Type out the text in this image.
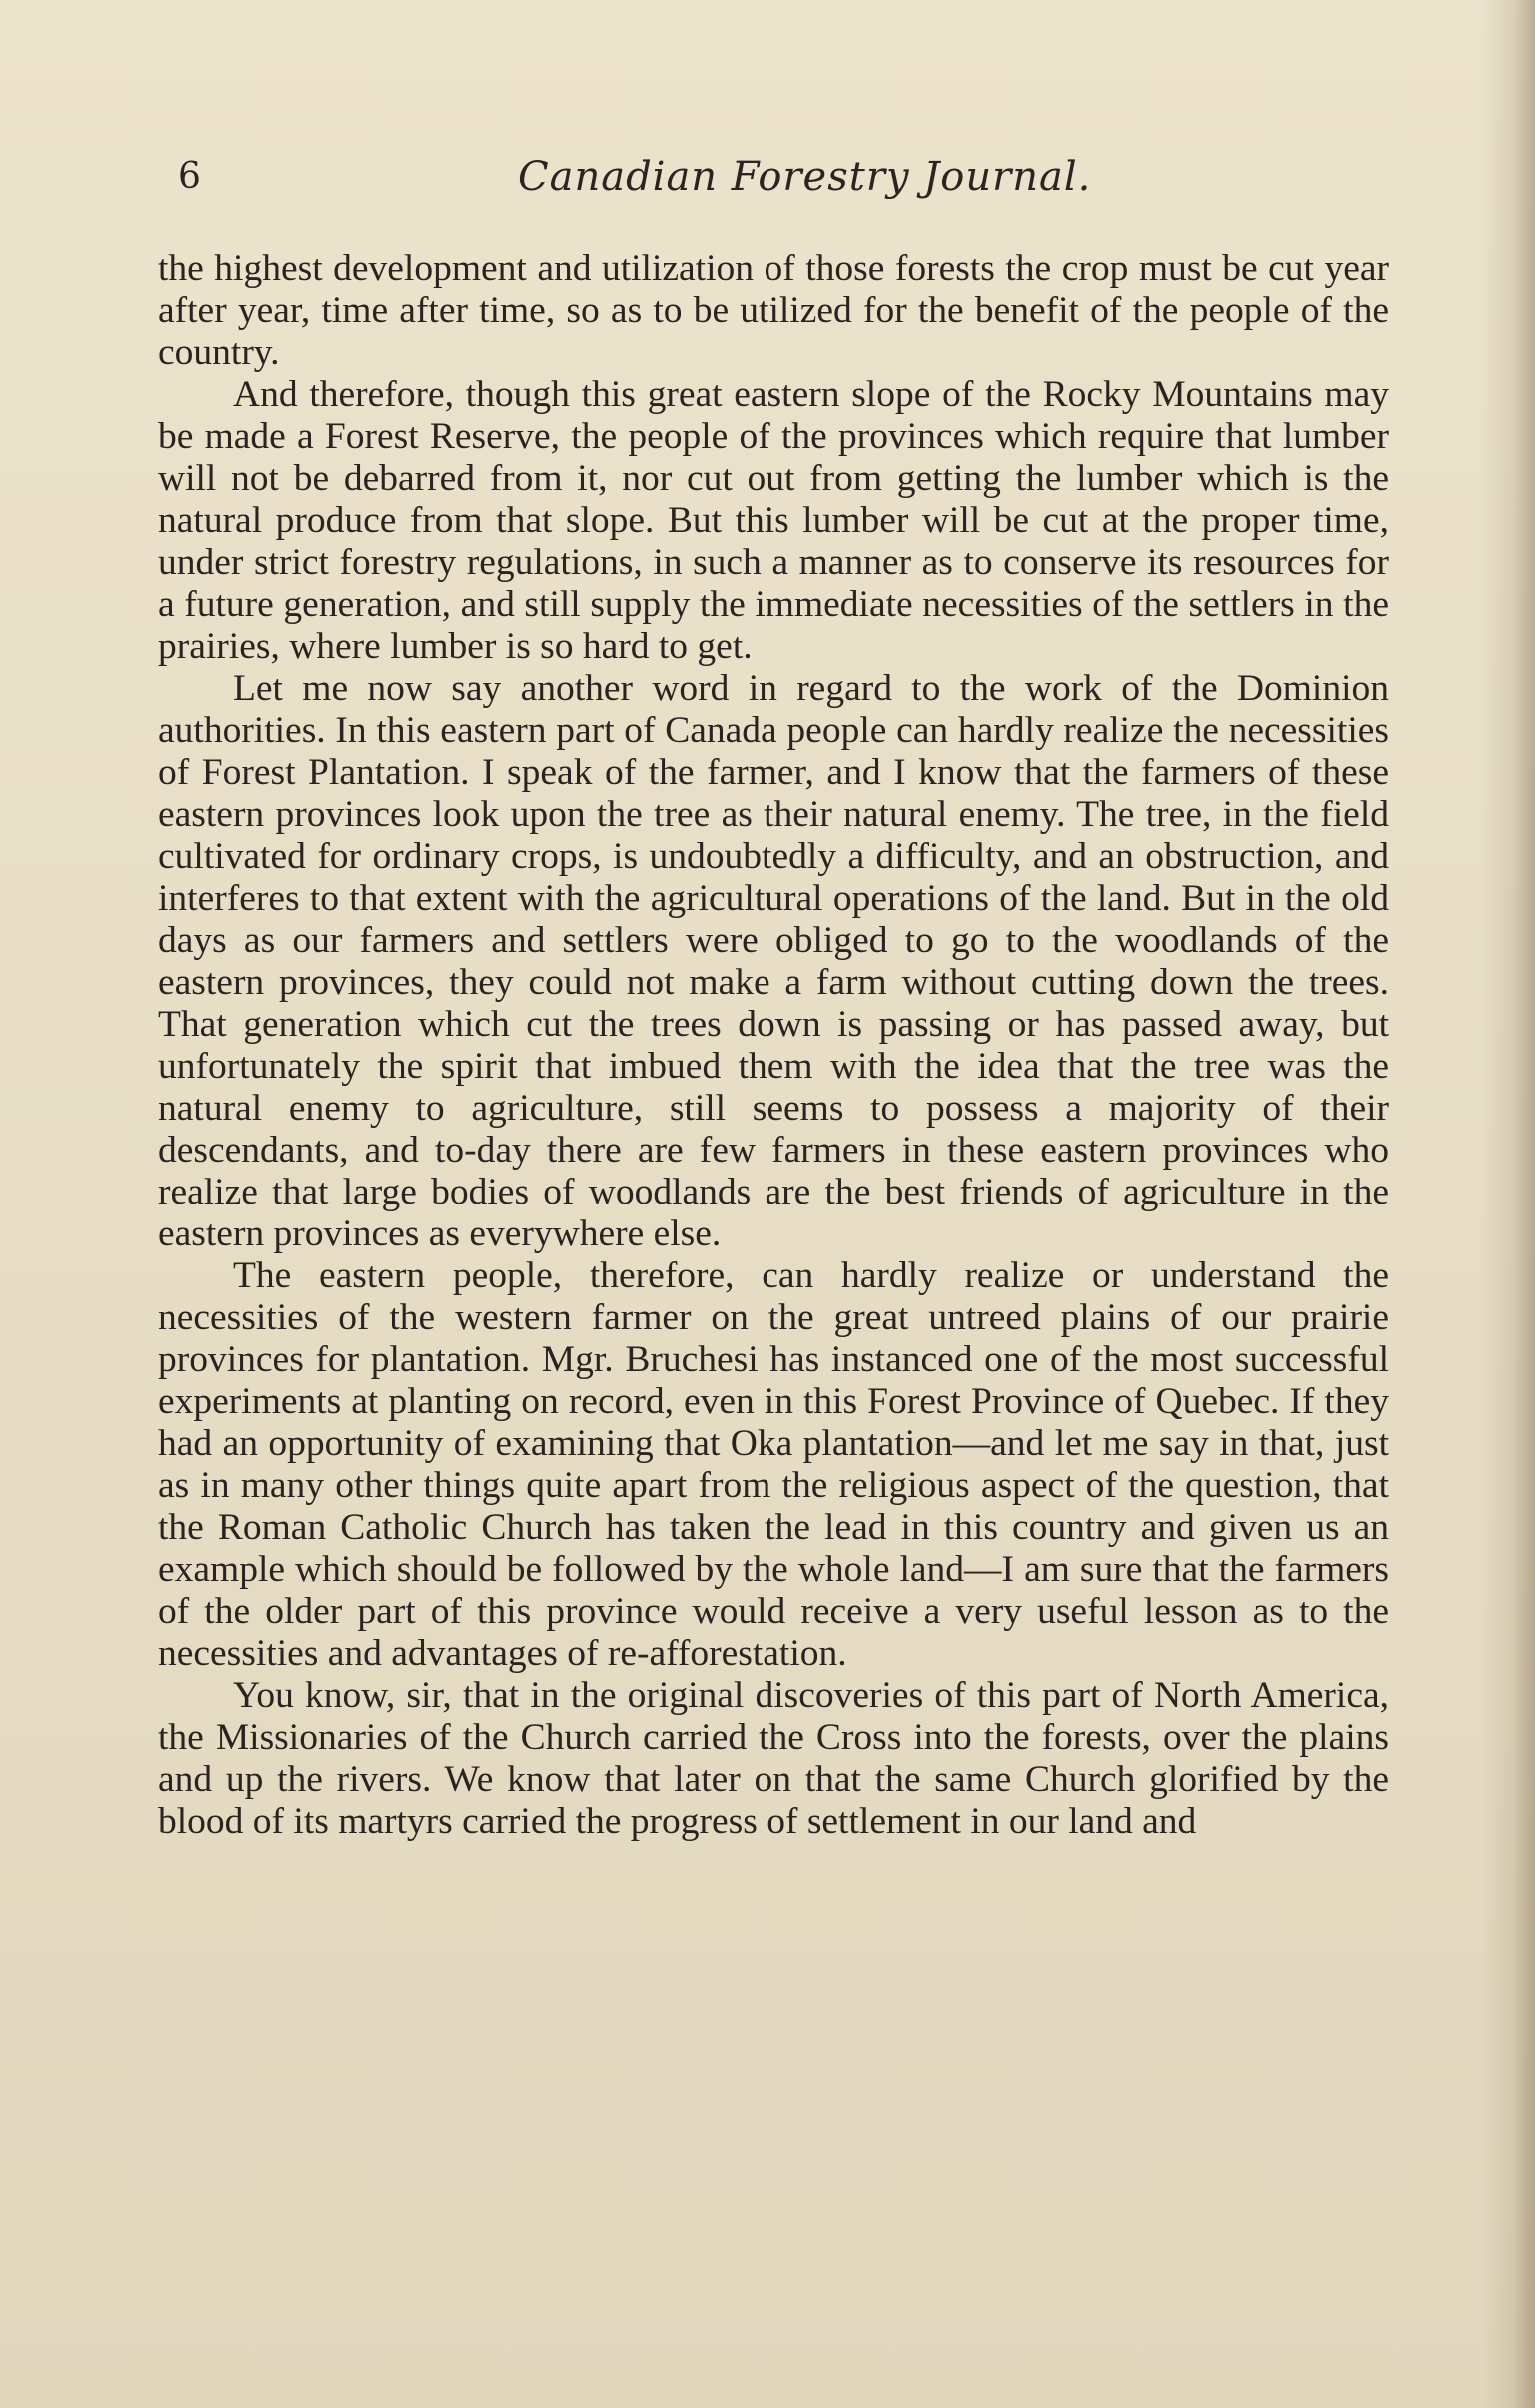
6	Canadian Forestry Journal.

the highest development and utilization of those forests the crop must be cut year after year, time after time, so as to be utilized for the benefit of the people of the country.

And therefore, though this great eastern slope of the Rocky Mountains may be made a Forest Reserve, the people of the provinces which require that lumber will not be debarred from it, nor cut out from getting the lumber which is the natural produce from that slope. But this lumber will be cut at the proper time, under strict forestry regulations, in such a manner as to conserve its resources for a future generation, and still supply the immediate necessities of the settlers in the prairies, where lumber is so hard to get.

Let me now say another word in regard to the work of the Dominion authorities. In this eastern part of Canada people can hardly realize the necessities of Forest Plantation. I speak of the farmer, and I know that the farmers of these eastern provinces look upon the tree as their natural enemy. The tree, in the field cultivated for ordinary crops, is undoubtedly a difficulty, and an obstruction, and interferes to that extent with the agricultural operations of the land. But in the old days as our farmers and settlers were obliged to go to the woodlands of the eastern provinces, they could not make a farm without cutting down the trees. That generation which cut the trees down is passing or has passed away, but unfortunately the spirit that imbued them with the idea that the tree was the natural enemy to agriculture, still seems to possess a majority of their descendants, and to-day there are few farmers in these eastern provinces who realize that large bodies of woodlands are the best friends of agriculture in the eastern provinces as everywhere else.

The eastern people, therefore, can hardly realize or understand the necessities of the western farmer on the great untreed plains of our prairie provinces for plantation. Mgr. Bruchesi has instanced one of the most successful experiments at planting on record, even in this Forest Province of Quebec. If they had an opportunity of examining that Oka plantation—and let me say in that, just as in many other things quite apart from the religious aspect of the question, that the Roman Catholic Church has taken the lead in this country and given us an example which should be followed by the whole land—I am sure that the farmers of the older part of this province would receive a very useful lesson as to the necessities and advantages of re-afforestation.

You know, sir, that in the original discoveries of this part of North America, the Missionaries of the Church carried the Cross into the forests, over the plains and up the rivers. We know that later on that the same Church glorified by the blood of its martyrs carried the progress of settlement in our land and
